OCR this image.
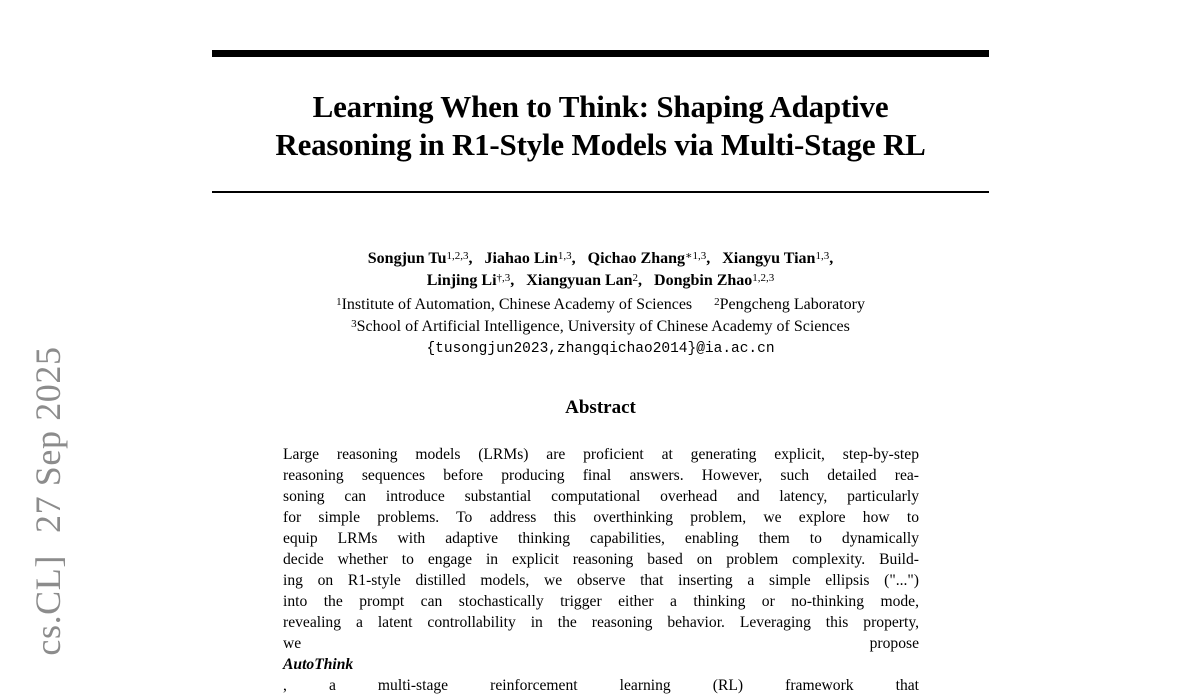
cs.CL]27 Sep 2025
Learning When to Think: Shaping Adaptive
Reasoning in R1-Style Models via Multi-Stage RL
Songjun Tu$^{1,2,3}$, Jiahao Lin$^{1,3}$, Qichao Zhang$^{∗1,3}$, Xiangyu Tian$^{1,3}$,
Linjing $Li^{\dagger,3}$, Xiangyuan Lan$^2$, Dongbin Zhao$^{1,2,3}$
$^1$Institute of Automation, Chinese Academy of Sciences $^2$Pengcheng Laboratory
$^3$School of Artificial Intelligence, University of Chinese Academy of Sciences
{tusongjun2023,zhangqichao2014}@ia.ac.cn
Abstract

Large reasoning models (LRMs) are proficient at generating explicit, step-by-step
reasoning sequences before producing final answers. However, such detailed rea-
soning can introduce substantial computational overhead and latency, particularly
for simple problems. To address this overthinking problem, we explore how to
equip LRMs with adaptive thinking capabilities, enabling them to dynamically
decide whether to engage in explicit reasoning based on problem complexity. Build-
ing on R1-style distilled models, we observe that inserting a simple ellipsis ("...")
into the prompt can stochastically trigger either a thinking or no-thinking mode,
revealing a latent controllability in the reasoning behavior. Leveraging this property,
we propose
AutoThink
, a multi-stage reinforcement learning (RL) framework that
